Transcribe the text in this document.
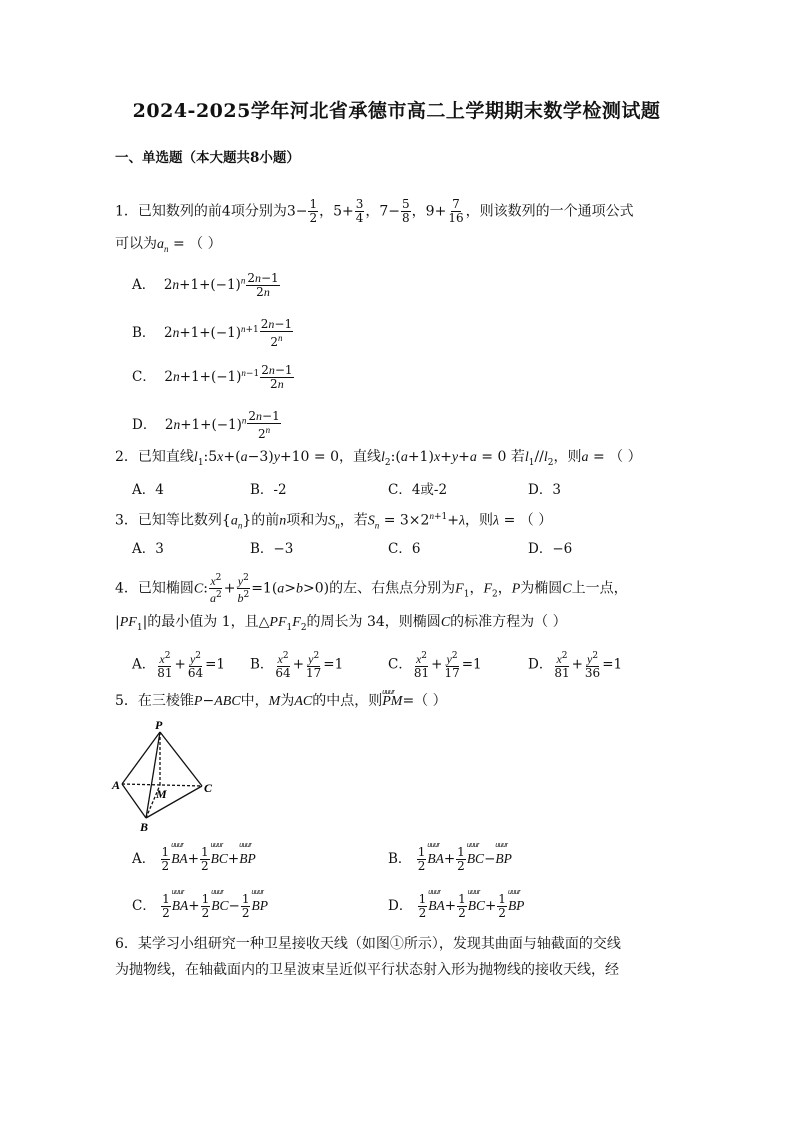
2024-2025学年河北省承德市高二上学期期末数学检测试题
一、单选题（本大题共8小题）
1．已知数列的前4项分别为$3- \frac{1}{2}$ ，$5+ \frac{3}{4}$ ，$7- \frac{5}{8}$ ，$9+ \frac{7}{16}$ ，则该数列的一个通项公式
可以为$a_n$ = （ ）
A．  $2n+1+(-1)^n \frac{2n-1}{2n}$
B．  $2n+1+(-1)^{n+1} \frac{2n-1}{2^n}$
C．  $2n+1+(-1)^{n-1} \frac{2n-1}{2n}$
D．  $2n+1+(-1)^n \frac{2n-1}{2^n}$
2．已知直线$l_1:5x+(a-3)y+10 = 0$，直线$l_2:(a+1)x+y+a = 0$ 若$l_1//l_2$，则a = （ ）
A．4	B．-2	C．4或-2	D．3
3．已知等比数列$\{a_n\}$的前n项和为$S_n$，若$S_n = 3\times 2^{n+1}+\lambda$，则λ = （ ）
A．3	B．−3	C．6	D．−6
4．已知椭圆C: $\frac{x^2}{a^2} + \frac{y^2}{b^2} =1(a>b>0)$的左、右焦点分别为$F_1$，$F_2$，P为椭圆C上一点，
$|PF_1|$的最小值为 1，且$\triangle PF_1F_2$的周长为 34，则椭圆C的标准方程为（ ）
A． $\frac{x^2}{81} + \frac{y^2}{64} =1$ B． $\frac{x^2}{64} + \frac{y^2}{17} =1$	C． $\frac{x^2}{81} + \frac{y^2}{17} =1$	D． $\frac{x^2}{81} + \frac{y^2}{36} =1$
5．在三棱锥P−ABC中，M为AC的中点，则uuur PM=（ ）
P
A
M	C
B
A． $\frac{1}{2}$ uuur $BA+ \frac{1}{2}$ uuur BC+uuur BP	B． $\frac{1}{2}$ uuur $BA+ \frac{1}{2}$ uuur BC−uuur BP
C． $\frac{1}{2}$ uuur $BA+ \frac{1}{2}$ uuur $BC- \frac{1}{2}$ uuur BP	D． $\frac{1}{2}$ uuur $BA+ \frac{1}{2}$ uuur $BC+ \frac{1}{2}$ uuur BP
6．某学习小组研究一种卫星接收天线（如图①所示），发现其曲面与轴截面的交线
为抛物线，在轴截面内的卫星波束呈近似平行状态射入形为抛物线的接收天线，经
